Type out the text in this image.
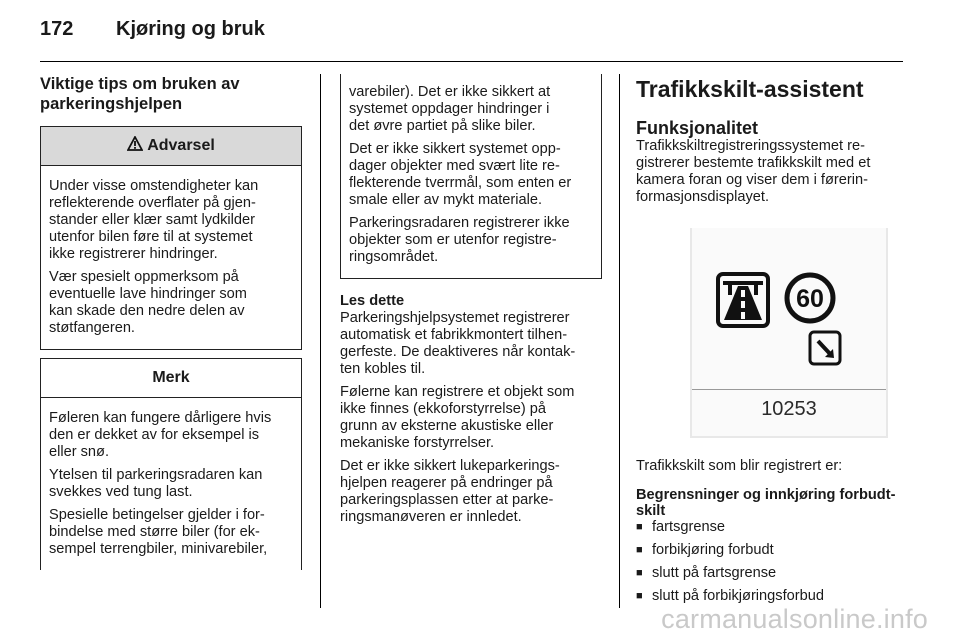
172	Kjøring og bruk
Viktige tips om bruken av
parkeringshjelpen
Advarsel

Under visse omstendigheter kan
reflekterende overflater på gjen-
stander eller klær samt lydkilder
utenfor bilen føre til at systemet
ikke registrerer hindringer.

Vær spesielt oppmerksom på
eventuelle lave hindringer som
kan skade den nedre delen av
støtfangeren.

Merk

Føleren kan fungere dårligere hvis
den er dekket av for eksempel is
eller snø.

Ytelsen til parkeringsradaren kan
svekkes ved tung last.

Spesielle betingelser gjelder i for-
bindelse med større biler (for ek-
sempel terrengbiler, minivarebiler,

varebiler). Det er ikke sikkert at
systemet oppdager hindringer i
det øvre partiet på slike biler.

Det er ikke sikkert systemet opp-
dager objekter med svært lite re-
flekterende tverrmål, som enten er
smale eller av mykt materiale.

Parkeringsradaren registrerer ikke
objekter som er utenfor registre-
ringsområdet.

Les dette

Parkeringshjelpsystemet registrerer
automatisk et fabrikkmontert tilhen-
gerfeste. De deaktiveres når kontak-
ten kobles til.

Følerne kan registrere et objekt som
ikke finnes (ekkoforstyrrelse) på
grunn av eksterne akustiske eller
mekaniske forstyrrelser.

Det er ikke sikkert lukeparkerings-
hjelpen reagerer på endringer på
parkeringsplassen etter at parke-
ringsmanøveren er innledet.

Trafikkskilt-assistent
Funksjonalitet
Trafikkskiltregistreringssystemet re-
gistrerer bestemte trafikkskilt med et
kamera foran og viser dem i førerin-
formasjonsdisplayet.
60
10253
Trafikkskilt som blir registrert er:
Begrensninger og innkjøring forbudt-
skilt
■ fartsgrense
■ forbikjøring forbudt
■ slutt på fartsgrense
■ slutt på forbikjøringsforbud
carmanualsonline.info
